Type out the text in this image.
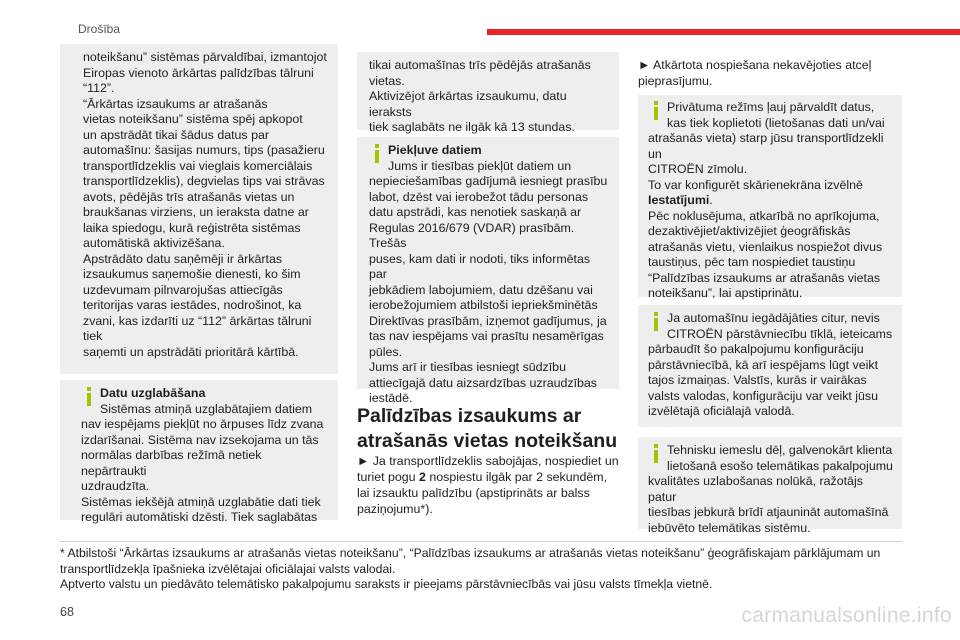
Drošība

noteikšanu” sistēmas pārvaldībai, izmantojot

Eiropas vienoto ārkārtas palīdzības tālruni

“112”.

“Ārkārtas izsaukums ar atrašanās

vietas noteikšanu” sistēma spēj apkopot

un apstrādāt tikai šādus datus par

automašīnu: šasijas numurs, tips (pasažieru

transportlīdzeklis vai vieglais komerciālais

transportlīdzeklis), degvielas tips vai strāvas

avots, pēdējās trīs atrašanās vietas un

braukšanas virziens, un ieraksta datne ar

laika spiedogu, kurā reģistrēta sistēmas

automātiskā aktivizēšana.

Apstrādāto datu saņēmēji ir ārkārtas

izsaukumus saņemošie dienesti, ko šim

uzdevumam pilnvarojušas attiecīgās

teritorijas varas iestādes, nodrošinot, ka

zvani, kas izdarīti uz “112” ārkārtas tālruni tiek

saņemti un apstrādāti prioritārā kārtībā.

Datu uzglabāšana

Sistēmas atmiņā uzglabātajiem datiem

nav iespējams piekļūt no ārpuses līdz zvana

izdarīšanai. Sistēma nav izsekojama un tās

normālas darbības režīmā netiek nepārtraukti

uzdraudzīta.

Sistēmas iekšējā atmiņā uzglabātie dati tiek

regulāri automātiski dzēsti. Tiek saglabātas

tikai automašīnas trīs pēdējās atrašanās

vietas.

Aktivizējot ārkārtas izsaukumu, datu ieraksts

tiek saglabāts ne ilgāk kā 13 stundas.

Piekļuve datiem

Jums ir tiesības piekļūt datiem un

nepieciešamības gadījumā iesniegt prasību

labot, dzēst vai ierobežot tādu personas

datu apstrādi, kas nenotiek saskaņā ar

Regulas 2016/679 (VDAR) prasībām. Trešās

puses, kam dati ir nodoti, tiks informētas par

jebkādiem labojumiem, datu dzēšanu vai

ierobežojumiem atbilstoši iepriekšminētās

Direktīvas prasībām, izņemot gadījumus, ja

tas nav iespējams vai prasītu nesamērīgas

pūles.

Jums arī ir tiesības iesniegt sūdzību

attiecīgajā datu aizsardzības uzraudzības

iestādē.

Palīdzības izsaukums ar
atrašanās vietas noteikšanu

► Ja transportlīdzeklis sabojājas, nospiediet un

turiet pogu 2 nospiestu ilgāk par 2 sekundēm,

lai izsauktu palīdzību (apstiprināts ar balss

paziņojumu*).

► Atkārtota nospiešana nekavējoties atceļ

pieprasījumu.

Privātuma režīms ļauj pārvaldīt datus,

kas tiek koplietoti (lietošanas dati un/vai

atrašanās vieta) starp jūsu transportlīdzekli un

CITROËN zīmolu.

To var konfigurēt skārienekrāna izvēlnē

Iestatījumi.

Pēc noklusējuma, atkarībā no aprīkojuma,

dezaktivējiet/aktivizējiet ģeogrāfiskās

atrašanās vietu, vienlaikus nospiežot divus

taustiņus, pēc tam nospiediet taustiņu

“Palīdzības izsaukums ar atrašanās vietas

noteikšanu”, lai apstiprinātu.

Ja automašīnu iegādājāties citur, nevis

CITROËN pārstāvniecību tīklā, ieteicams

pārbaudīt šo pakalpojumu konfigurāciju

pārstāvniecībā, kā arī iespējams lūgt veikt

tajos izmaiņas. Valstīs, kurās ir vairākas

valsts valodas, konfigurāciju var veikt jūsu

izvēlētajā oficiālajā valodā.

Tehnisku iemeslu dēļ, galvenokārt klienta

lietošanā esošo telemātikas pakalpojumu

kvalitātes uzlabošanas nolūkā, ražotājs patur

tiesības jebkurā brīdī atjaunināt automašīnā

iebūvēto telemātikas sistēmu.

* Atbilstoši “Ārkārtas izsaukums ar atrašanās vietas noteikšanu”, “Palīdzības izsaukums ar atrašanās vietas noteikšanu” ģeogrāfiskajam pārklājumam un

transportlīdzekļa īpašnieka izvēlētajai oficiālajai valsts valodai.

Aptverto valstu un piedāvāto telemātisko pakalpojumu saraksts ir pieejams pārstāvniecībās vai jūsu valsts tīmekļa vietnē.

68	carmanualsonline.info
